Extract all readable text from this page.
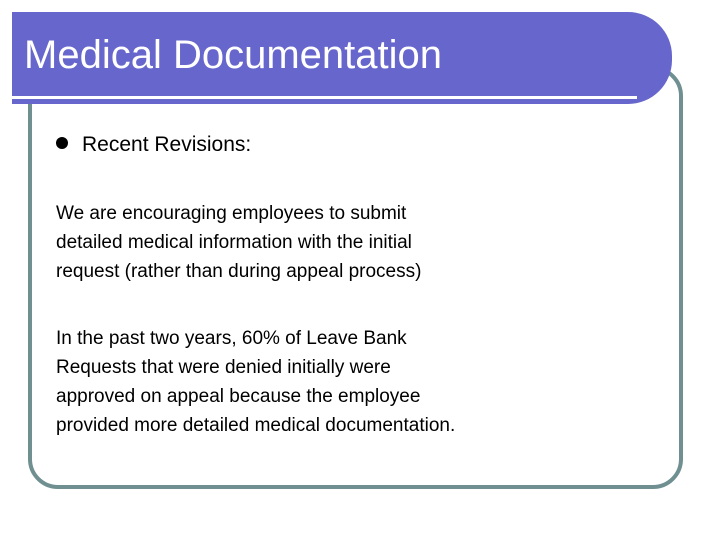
Medical Documentation
Recent Revisions:

We are encouraging employees to submit
detailed medical information with the initial
request (rather than during appeal process)

In the past two years, 60% of Leave Bank
Requests that were denied initially were
approved on appeal because the employee
provided more detailed medical documentation.
